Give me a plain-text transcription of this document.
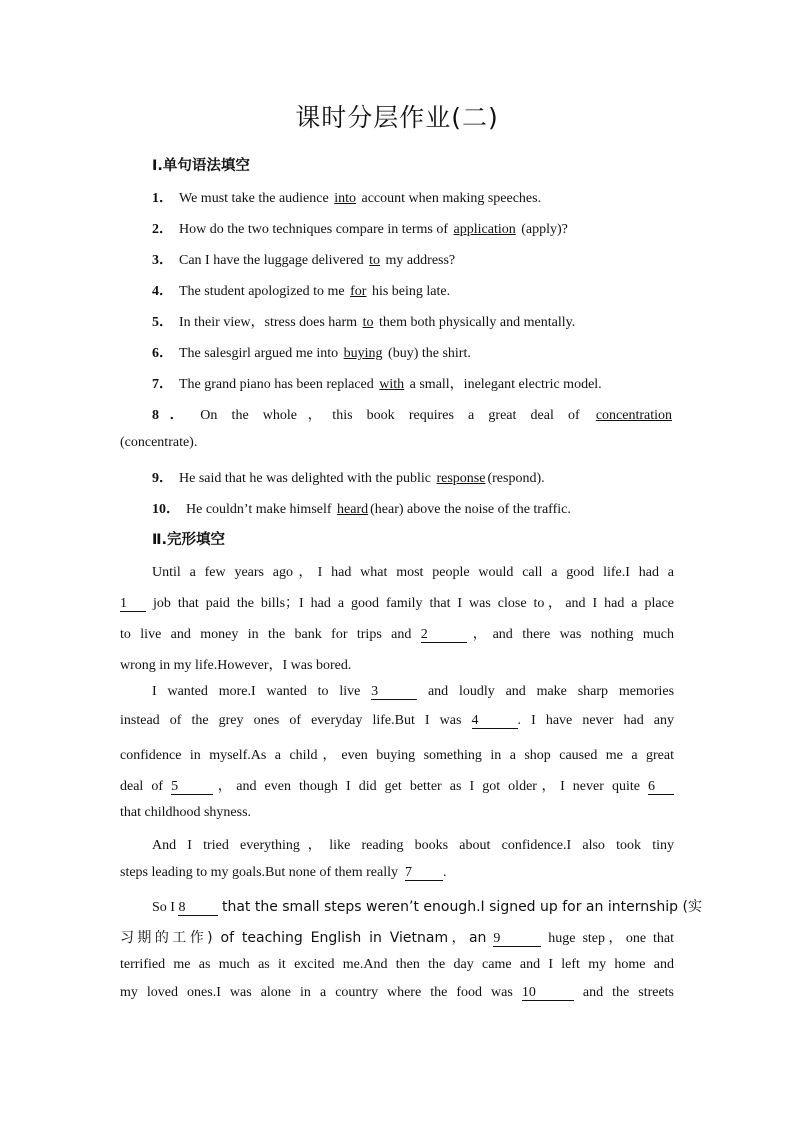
课时分层作业(二)
Ⅰ.单句语法填空
1． We must take the audience into account when making speeches.
2． How do the two techniques compare in terms of application (apply)?
3． Can I have the luggage delivered to my address?
4． The student apologized to me for his being late.
5． In their view，stress does harm to them both physically and mentally.
6． The salesgirl argued me into buying (buy) the shirt.
7． The grand piano has been replaced with a small，inelegant electric model.
8． On the whole，this book requires a great deal of concentration
(concentrate).
9． He said that he was delighted with the public response (respond).
10． He couldn’t make himself heard (hear) above the noise of the traffic.
Ⅱ.完形填空
Until a few years ago，I had what most people would call a good life.I had a
1 job that paid the bills；I had a good family that I was close to，and I had a place
to live and money in the bank for trips and 2	，and there was nothing much
wrong in my life.However，I was bored.
I wanted more.I wanted to live 3	and loudly and make sharp memories
instead of the grey ones of everyday life.But I was 4	. I have never had any
confidence in myself.As a child，even buying something in a shop caused me a great
deal of 5	，and even though I did get better as I got older，I never quite 6
that childhood shyness.
And I tried everything，like reading books about confidence.I also took tiny
steps leading to my goals.But none of them really 7 .
So I 8	that the small steps weren’t enough.I signed up for an internship (实
习期的工作) of teaching English in Vietnam，an 9	huge step，one that
terrified me as much as it excited me.And then the day came and I left my home and
my loved ones.I was alone in a country where the food was 10	and the streets
